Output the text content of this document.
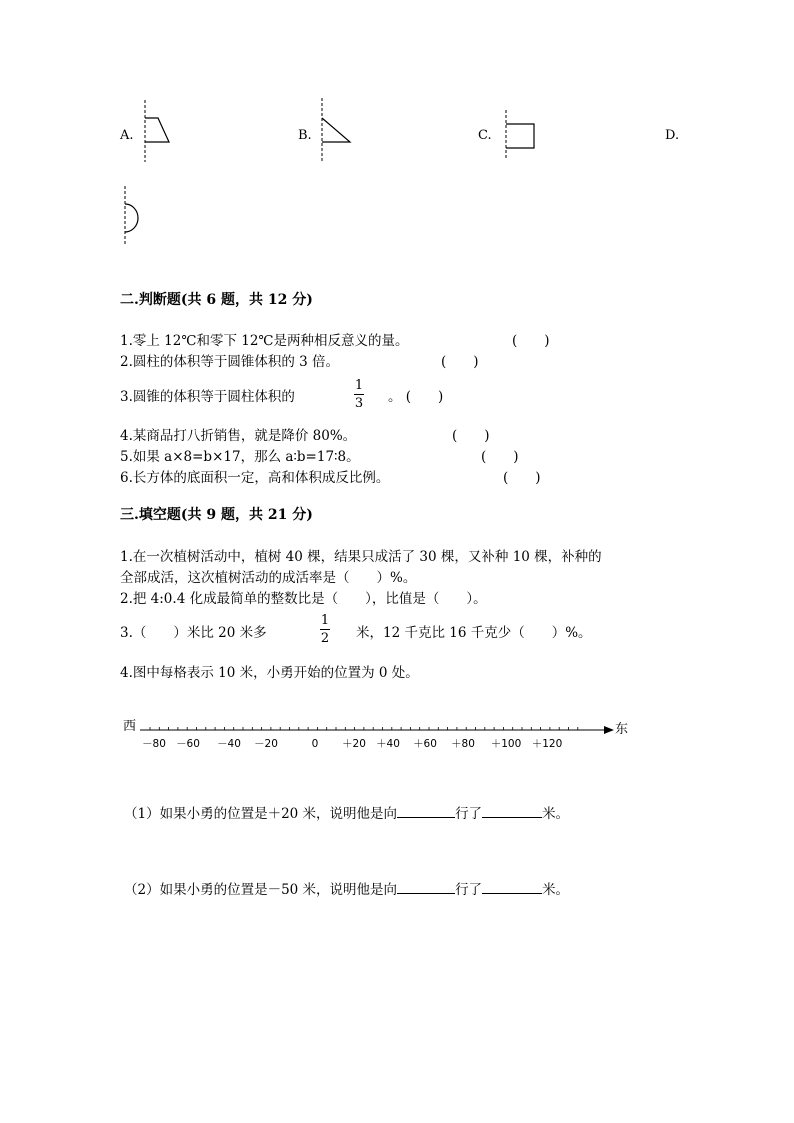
A.	B.	C.	D.
二.判断题(共 6 题，共 12 分)
1.零上 12℃和零下 12℃是两种相反意义的量。	(　　)
2.圆柱的体积等于圆锥体积的 3 倍。	(　　)
3.圆锥的体积等于圆柱体积的
1
3 。 (　　)
4.某商品打八折销售，就是降价 80%。	(　　)
5.如果 a×8=b×17，那么 a∶b=17∶8。	(　　)
6.长方体的底面积一定，高和体积成反比例。	(　　)
三.填空题(共 9 题，共 21 分)
1.在一次植树活动中，植树 40 棵，结果只成活了 30 棵，又补种 10 棵，补种的
全部成活，这次植树活动的成活率是（　　）%。
2.把 4:0.4 化成最简单的整数比是（　　），比值是（　　）。
3.（　　）米比 20 米多
1
2 米，12 千克比 16 千克少（　　）%。
4.图中每格表示 10 米，小勇开始的位置为 0 处。
西	东
－80 －60 －40 －20	0 ＋20 ＋40 ＋60 ＋80 ＋100 ＋120
（1）如果小勇的位置是＋20 米，说明他是向	行了	米。
（2）如果小勇的位置是－50 米，说明他是向	行了	米。
